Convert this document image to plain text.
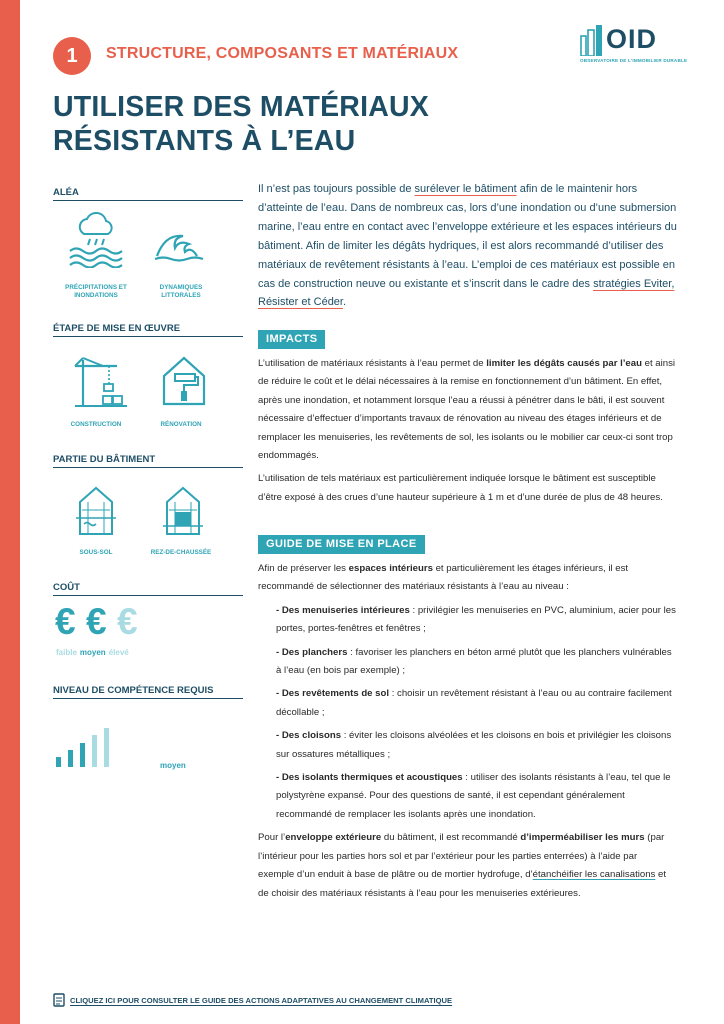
1	STRUCTURE, COMPOSANTS ET MATÉRIAUX	OID
OBSERVATOIRE DE L'IMMOBILIER DURABLE
UTILISER DES MATÉRIAUX
RÉSISTANTS À L’EAU
ALÉA
PRÉCIPITATIONS ET
INONDATIONS
DYNAMIQUES
LITTORALES
ÉTAPE DE MISE EN ŒUVRE
CONSTRUCTION	RÉNOVATION
PARTIE DU BÂTIMENT
SOUS-SOL	REZ-DE-CHAUSSÉE
COÛT
€ € €
faible moyen élevé
NIVEAU DE COMPÉTENCE REQUIS
moyen
Il n’est pas toujours possible de surélever le bâtiment afin de le maintenir hors d’atteinte de l’eau. Dans de nombreux cas, lors d’une inondation ou d’une submersion marine, l’eau entre en contact avec l’enveloppe extérieure et les espaces intérieurs du bâtiment. Afin de limiter les dégâts hydriques, il est alors recommandé d’utiliser des matériaux de revêtement résistants à l’eau. L’emploi de ces matériaux est possible en cas de construction neuve ou existante et s’inscrit dans le cadre des stratégies Eviter, Résister et Céder.
IMPACTS

L’utilisation de matériaux résistants à l’eau permet de limiter les dégâts causés par l’eau et ainsi de réduire le coût et le délai nécessaires à la remise en fonctionnement d’un bâtiment. En effet, après une inondation, et notamment lorsque l’eau a réussi à pénétrer dans le bâti, il est souvent nécessaire d’effectuer d’importants travaux de rénovation au niveau des étages inférieurs et de remplacer les menuiseries, les revêtements de sol, les isolants ou le mobilier car ceux-ci sont trop endommagés.

L’utilisation de tels matériaux est particulièrement indiquée lorsque le bâtiment est susceptible d’être exposé à des crues d’une hauteur supérieure à 1 m et d’une durée de plus de 48 heures.

GUIDE DE MISE EN PLACE

Afin de préserver les espaces intérieurs et particulièrement les étages inférieurs, il est recommandé de sélectionner des matériaux résistants à l’eau au niveau :

- Des menuiseries intérieures : privilégier les menuiseries en PVC, aluminium, acier pour les portes, portes-fenêtres et fenêtres ;
- Des planchers : favoriser les planchers en béton armé plutôt que les planchers vulnérables à l’eau (en bois par exemple) ;
- Des revêtements de sol : choisir un revêtement résistant à l’eau ou au contraire facilement décollable ;
- Des cloisons : éviter les cloisons alvéolées et les cloisons en bois et privilégier les cloisons sur ossatures métalliques ;
- Des isolants thermiques et acoustiques : utiliser des isolants résistants à l’eau, tel que le polystyrène expansé. Pour des questions de santé, il est cependant généralement recommandé de remplacer les isolants après une inondation.

Pour l’enveloppe extérieure du bâtiment, il est recommandé d’imperméabiliser les murs (par l’intérieur pour les parties hors sol et par l’extérieur pour les parties enterrées) à l’aide par exemple d’un enduit à base de plâtre ou de mortier hydrofuge, d’étanchéifier les canalisations et de choisir des matériaux résistants à l’eau pour les menuiseries extérieures.

CLIQUEZ ICI POUR CONSULTER LE GUIDE DES ACTIONS ADAPTATIVES AU CHANGEMENT CLIMATIQUE
